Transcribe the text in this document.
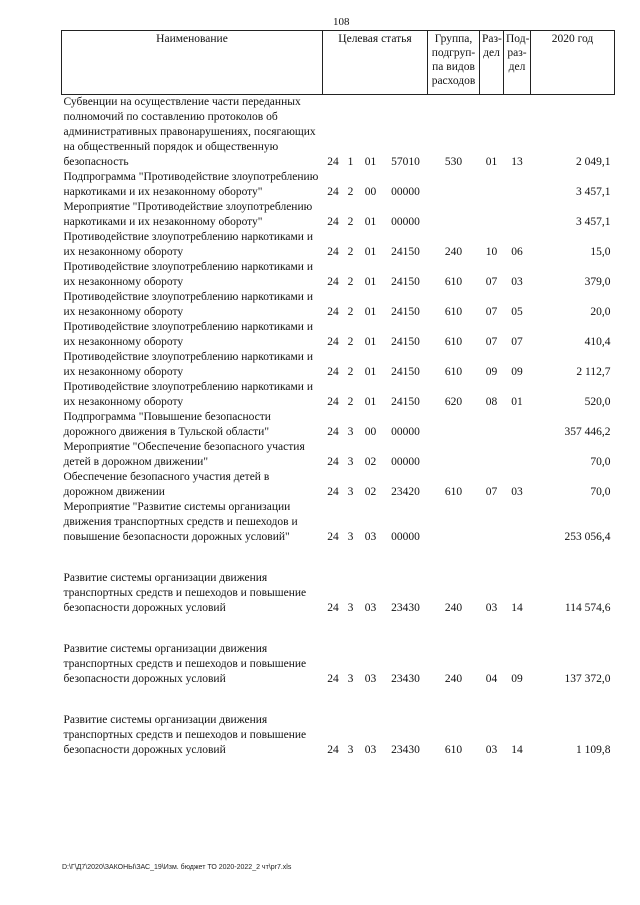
108
Наименование	Целевая статья				Группа, подгруп- па видов расходов	Раз- дел	Под- раз- дел	2020 год
Субвенции на осуществление части переданных полномочий по составлению протоколов об административных правонарушениях, посягающих на общественный порядок и общественную безопасность	24	1	01	57010	530	01	13	2 049,1
Подпрограмма "Противодействие злоупотреблению наркотиками и их незаконному обороту"	24	2	00	00000				3 457,1
Мероприятие "Противодействие злоупотреблению наркотиками и их незаконному обороту"	24	2	01	00000				3 457,1
Противодействие злоупотреблению наркотиками и их незаконному обороту	24	2	01	24150	240	10	06	15,0
Противодействие злоупотреблению наркотиками и их незаконному обороту	24	2	01	24150	610	07	03	379,0
Противодействие злоупотреблению наркотиками и их незаконному обороту	24	2	01	24150	610	07	05	20,0
Противодействие злоупотреблению наркотиками и их незаконному обороту	24	2	01	24150	610	07	07	410,4
Противодействие злоупотреблению наркотиками и их незаконному обороту	24	2	01	24150	610	09	09	2 112,7
Противодействие злоупотреблению наркотиками и их незаконному обороту	24	2	01	24150	620	08	01	520,0
Подпрограмма "Повышение безопасности дорожного движения в Тульской области"	24	3	00	00000				357 446,2
Мероприятие "Обеспечение безопасного участия детей в дорожном движении"	24	3	02	00000				70,0
Обеспечение безопасного участия детей в дорожном движении	24	3	02	23420	610	07	03	70,0
Мероприятие "Развитие системы организации движения транспортных средств и пешеходов и повышение безопасности дорожных условий"	24	3	03	00000				253 056,4

Развитие системы организации движения транспортных средств и пешеходов и повышение безопасности дорожных условий	24	3	03	23430	240	03	14	114 574,6

Развитие системы организации движения транспортных средств и пешеходов и повышение безопасности дорожных условий	24	3	03	23430	240	04	09	137 372,0

Развитие системы организации движения транспортных средств и пешеходов и повышение безопасности дорожных условий	24	3	03	23430	610	03	14	1 109,8
D:\Г\Д7\2020\ЗАКОНЫ\ЗАС_19\Изм. бюджет ТО 2020-2022_2 чт\pr7.xls
